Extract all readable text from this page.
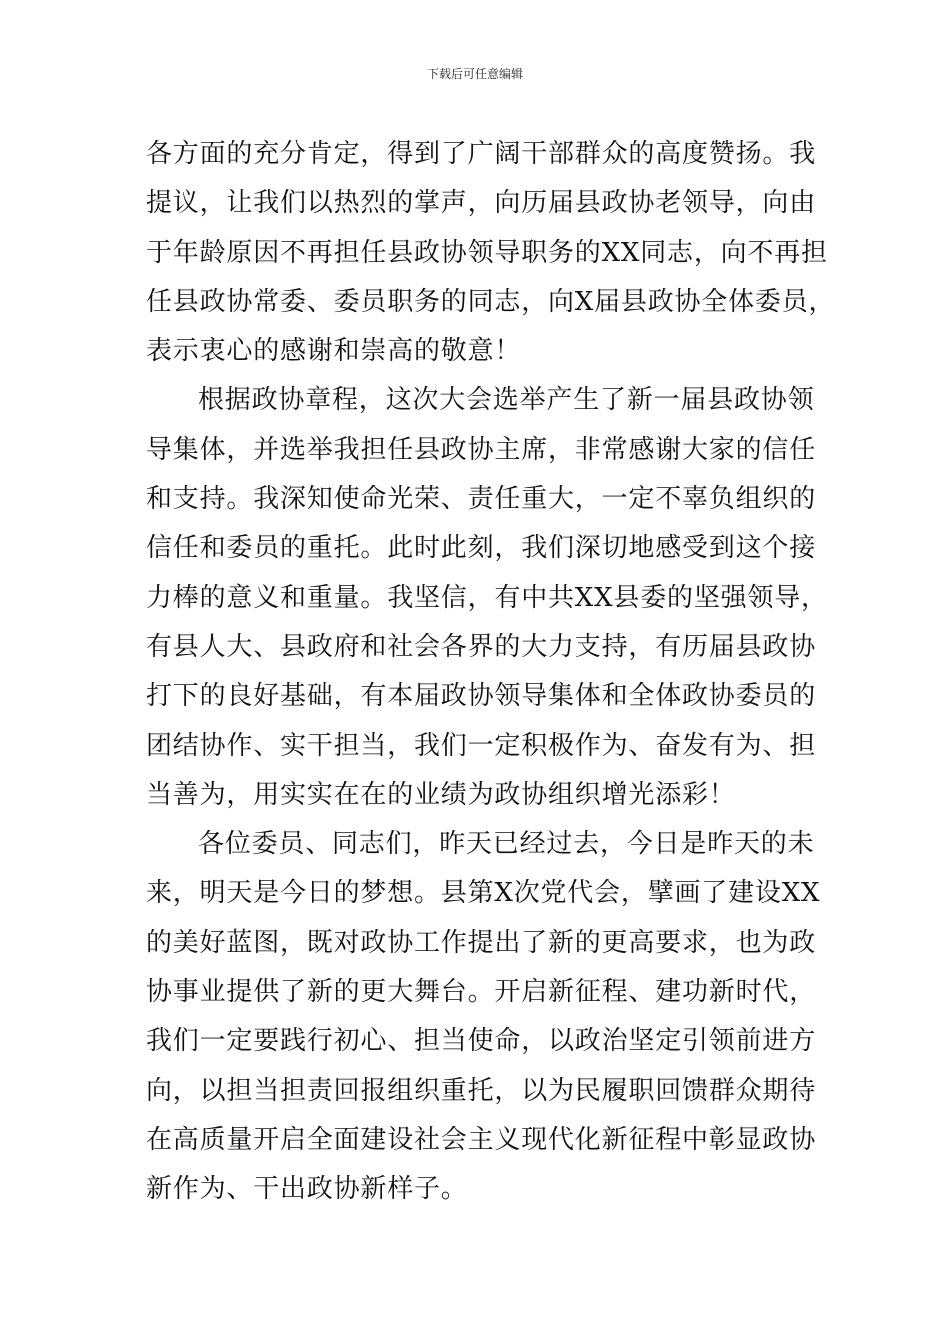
下载后可任意编辑
各方面的充分肯定，得到了广阔干部群众的高度赞扬。我
提议，让我们以热烈的掌声，向历届县政协老领导，向由
于年龄原因不再担任县政协领导职务的XX同志，向不再担
任县政协常委、委员职务的同志，向X届县政协全体委员，
表示衷心的感谢和崇高的敬意！
根据政协章程，这次大会选举产生了新一届县政协领
导集体，并选举我担任县政协主席，非常感谢大家的信任
和支持。我深知使命光荣、责任重大，一定不辜负组织的
信任和委员的重托。此时此刻，我们深切地感受到这个接
力棒的意义和重量。我坚信，有中共XX县委的坚强领导，
有县人大、县政府和社会各界的大力支持，有历届县政协
打下的良好基础，有本届政协领导集体和全体政协委员的
团结协作、实干担当，我们一定积极作为、奋发有为、担
当善为，用实实在在的业绩为政协组织增光添彩！
各位委员、同志们，昨天已经过去，今日是昨天的未
来，明天是今日的梦想。县第X次党代会，擘画了建设XX
的美好蓝图，既对政协工作提出了新的更高要求，也为政
协事业提供了新的更大舞台。开启新征程、建功新时代，
我们一定要践行初心、担当使命，以政治坚定引领前进方
向，以担当担责回报组织重托，以为民履职回馈群众期待
在高质量开启全面建设社会主义现代化新征程中彰显政协
新作为、干出政协新样子。
